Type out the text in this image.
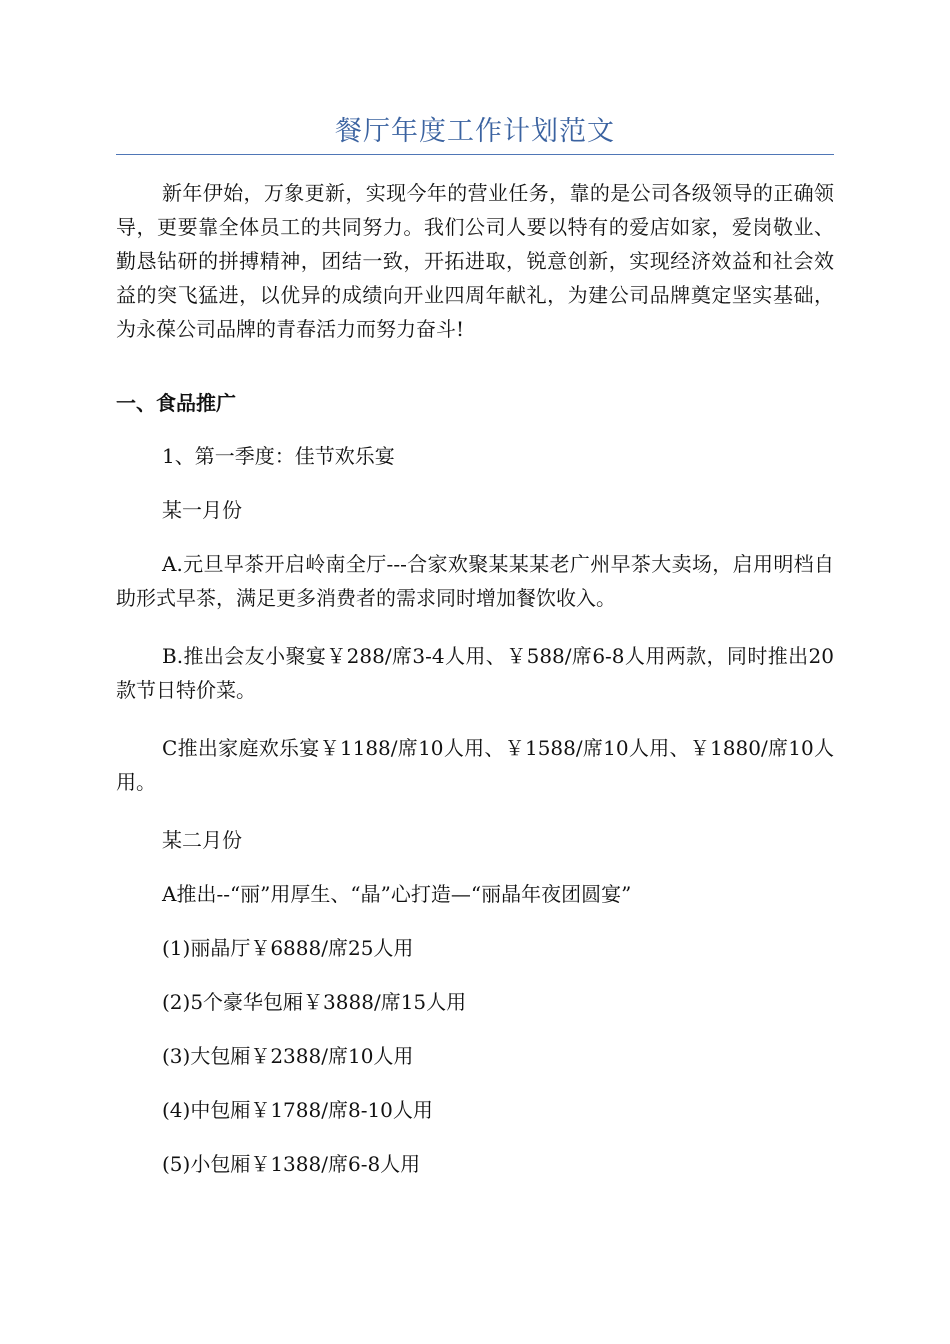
餐厅年度工作计划范文

新年伊始，万象更新，实现今年的营业任务，靠的是公司各级领导的正确领导，更要靠全体员工的共同努力。我们公司人要以特有的爱店如家，爱岗敬业、勤恳钻研的拼搏精神，团结一致，开拓进取，锐意创新，实现经济效益和社会效益的突飞猛进，以优异的成绩向开业四周年献礼，为建公司品牌奠定坚实基础，为永葆公司品牌的青春活力而努力奋斗!

一、食品推广

1、第一季度：佳节欢乐宴

某一月份

A.元旦早茶开启岭南全厅---合家欢聚某某某老广州早茶大卖场，启用明档自助形式早茶，满足更多消费者的需求同时增加餐饮收入。

B.推出会友小聚宴￥288/席3-4人用、￥588/席6-8人用两款，同时推出20款节日特价菜。

C推出家庭欢乐宴￥1188/席10人用、￥1588/席10人用、￥1880/席10人用。

某二月份

A推出--“丽”用厚生、“晶”心打造—“丽晶年夜团圆宴”

(1)丽晶厅￥6888/席25人用

(2)5个豪华包厢￥3888/席15人用

(3)大包厢￥2388/席10人用

(4)中包厢￥1788/席8-10人用

(5)小包厢￥1388/席6-8人用
